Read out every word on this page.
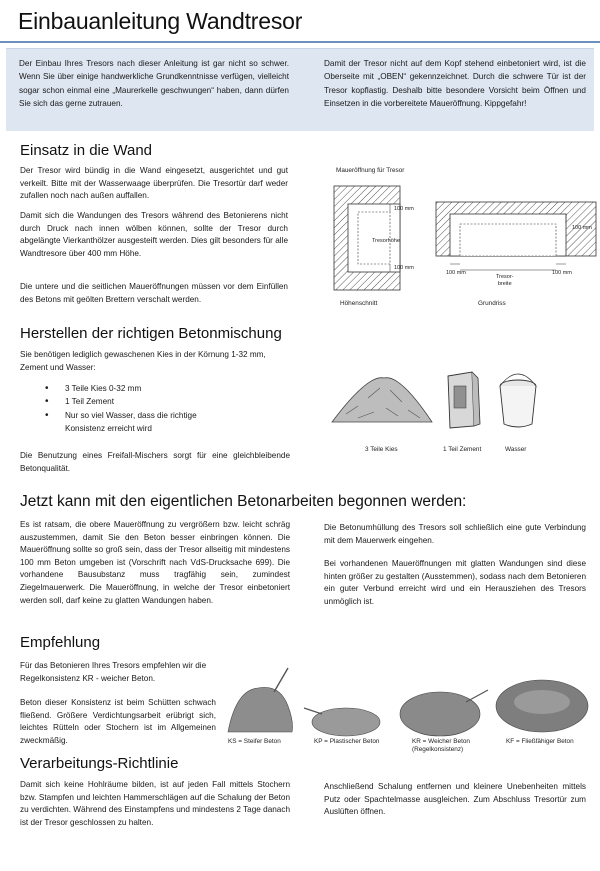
Einbauanleitung Wandtresor

Der Einbau Ihres Tresors nach dieser Anleitung ist gar nicht so schwer. Wenn Sie über einige handwerkliche Grundkenntnisse verfügen, vielleicht sogar schon einmal eine „Maurerkelle geschwungen“ haben, dann dürfen Sie sich das gerne zutrauen.

Damit der Tresor nicht auf dem Kopf stehend einbetoniert wird, ist die Oberseite mit „OBEN“ gekennzeichnet. Durch die schwere Tür ist der Tresor kopflastig. Deshalb bitte besondere Vorsicht beim Öffnen und Einsetzen in die vorbereitete Maueröffnung. Kippgefahr!

Einsatz in die Wand

Der Tresor wird bündig in die Wand eingesetzt, ausgerichtet und gut verkeilt. Bitte mit der Wasserwaage überprüfen. Die Tresortür darf weder zufallen noch nach außen auffallen.

Damit sich die Wandungen des Tresors während des Betonierens nicht durch Druck nach innen wölben können, sollte der Tresor durch abgelängte Vierkanthölzer ausgesteift werden. Dies gilt besonders für alle Wandtresore über 400 mm Höhe.

Die untere und die seitlichen Maueröffnungen müssen vor dem Einfüllen des Betons mit geölten Brettern verschalt werden.

Maueröffnung für Tresor
100 mm
100 mm
Tresorhöhe
100 mm
100 mm	100 mm
Tresor-
breite
Höhenschnitt	Grundriss
Herstellen der richtigen Betonmischung

Sie benötigen lediglich gewaschenen Kies in der Körnung 1-32 mm, Zement und Wasser:

• 3 Teile Kies 0-32 mm
• 1 Teil Zement
• Nur so viel Wasser, dass die richtige Konsistenz erreicht wird

Die Benutzung eines Freifall-Mischers sorgt für eine gleichbleibende Betonqualität.

3 Teile Kies	1 Teil Zement	Wasser
Jetzt kann mit den eigentlichen Betonarbeiten begonnen werden:

Es ist ratsam, die obere Maueröffnung zu vergrößern bzw. leicht schräg auszustemmen, damit Sie den Beton besser einbringen können. Die Maueröffnung sollte so groß sein, dass der Tresor allseitig mit mindestens 100 mm Beton umgeben ist (Vorschrift nach VdS-Drucksache 699). Die vorhandene Bausubstanz muss tragfähig sein, zumindest Ziegelmauerwerk. Die Maueröffnung, in welche der Tresor einbetoniert werden soll, darf keine zu glatten Wandungen haben.

Die Betonumhüllung des Tresors soll schließlich eine gute Verbindung mit dem Mauerwerk eingehen.

Bei vorhandenen Maueröffnungen mit glatten Wandungen sind diese hinten größer zu gestalten (Ausstemmen), sodass nach dem Betonieren ein guter Verbund erreicht wird und ein Herausziehen des Tresors unmöglich ist.

Empfehlung

Für das Betonieren Ihres Tresors empfehlen wir die Regelkonsistenz KR - weicher Beton.

Beton dieser Konsistenz ist beim Schütten schwach fließend. Größere Verdichtungsarbeit erübrigt sich, leichtes Rütteln oder Stochern ist im Allgemeinen zweckmäßig.	KS = Steifer Beton	KP = Plastischer Beton	KR = Weicher Beton
(Regelkonsistenz)
KF = Fließfähiger Beton
Verarbeitungs-Richtlinie

Damit sich keine Hohlräume bilden, ist auf jeden Fall mittels Stochern bzw. Stampfen und leichten Hammerschlägen auf die Schalung der Beton zu verdichten. Während des Einstampfens und mindestens 2 Tage danach ist der Tresor geschlossen zu halten.

Anschließend Schalung entfernen und kleinere Unebenheiten mittels Putz oder Spachtelmasse ausgleichen. Zum Abschluss Tresortür zum Auslüften öffnen.
